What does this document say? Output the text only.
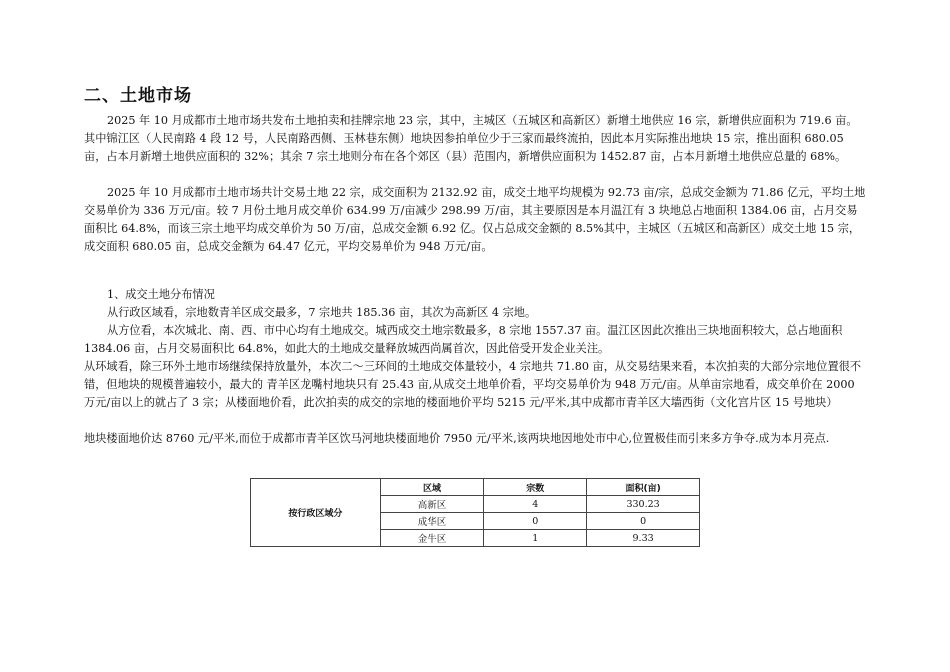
二、土地市场

2025 年 10 月成都市土地市场共发布土地拍卖和挂牌宗地 23 宗，其中，主城区（五城区和高新区）新增土地供应 16 宗，新增供应面积为 719.6 亩。其中锦江区（人民南路 4 段 12 号，人民南路西侧、玉林巷东侧）地块因参拍单位少于三家而最终流拍，因此本月实际推出地块 15 宗，推出面积 680.05 亩，占本月新增土地供应面积的 32%；其余 7 宗土地则分布在各个郊区（县）范围内，新增供应面积为 1452.87 亩，占本月新增土地供应总量的 68%。

2025 年 10 月成都市土地市场共计交易土地 22 宗，成交面积为 2132.92 亩，成交土地平均规模为 92.73 亩/宗，总成交金额为 71.86 亿元，平均土地交易单价为 336 万元/亩。较 7 月份土地月成交单价 634.99 万/亩减少 298.99 万/亩，其主要原因是本月温江有 3 块地总占地面积 1384.06 亩，占月交易面积比 64.8%，而该三宗土地平均成交单价为 50 万/亩，总成交金额 6.92 亿。仅占总成交金额的 8.5%其中，主城区（五城区和高新区）成交土地 15 宗，成交面积 680.05 亩，总成交金额为 64.47 亿元，平均交易单价为 948 万元/亩。

1、成交土地分布情况

从行政区域看，宗地数青羊区成交最多，7 宗地共 185.36 亩，其次为高新区 4 宗地。

从方位看，本次城北、南、西、市中心均有土地成交。城西成交土地宗数最多，8 宗地 1557.37 亩。温江区因此次推出三块地面积较大，总占地面积 1384.06 亩，占月交易面积比 64.8%，如此大的土地成交量释放城西尚属首次，因此倍受开发企业关注。

从环域看，除三环外土地市场继续保持放量外，本次二～三环间的土地成交体量较小，4 宗地共 71.80 亩，从交易结果来看，本次拍卖的大部分宗地位置很不错，但地块的规模普遍较小，最大的 青羊区龙嘴村地块只有 25.43 亩,从成交土地单价看，平均交易单价为 948 万元/亩。从单亩宗地看，成交单价在 2000 万元/亩以上的就占了 3 宗；从楼面地价看，此次拍卖的成交的宗地的楼面地价平均 5215 元/平米,其中成都市青羊区大墙西街（文化宫片区 15 号地块）

地块楼面地价达 8760 元/平米,而位于成都市青羊区饮马河地块楼面地价 7950 元/平米,该两块地因地处市中心,位置极佳而引来多方争夺.成为本月亮点.

按行政区域分	区域	宗数	面积(亩)
	高新区	4	330.23
	成华区	0	0
	金牛区	1	9.33
